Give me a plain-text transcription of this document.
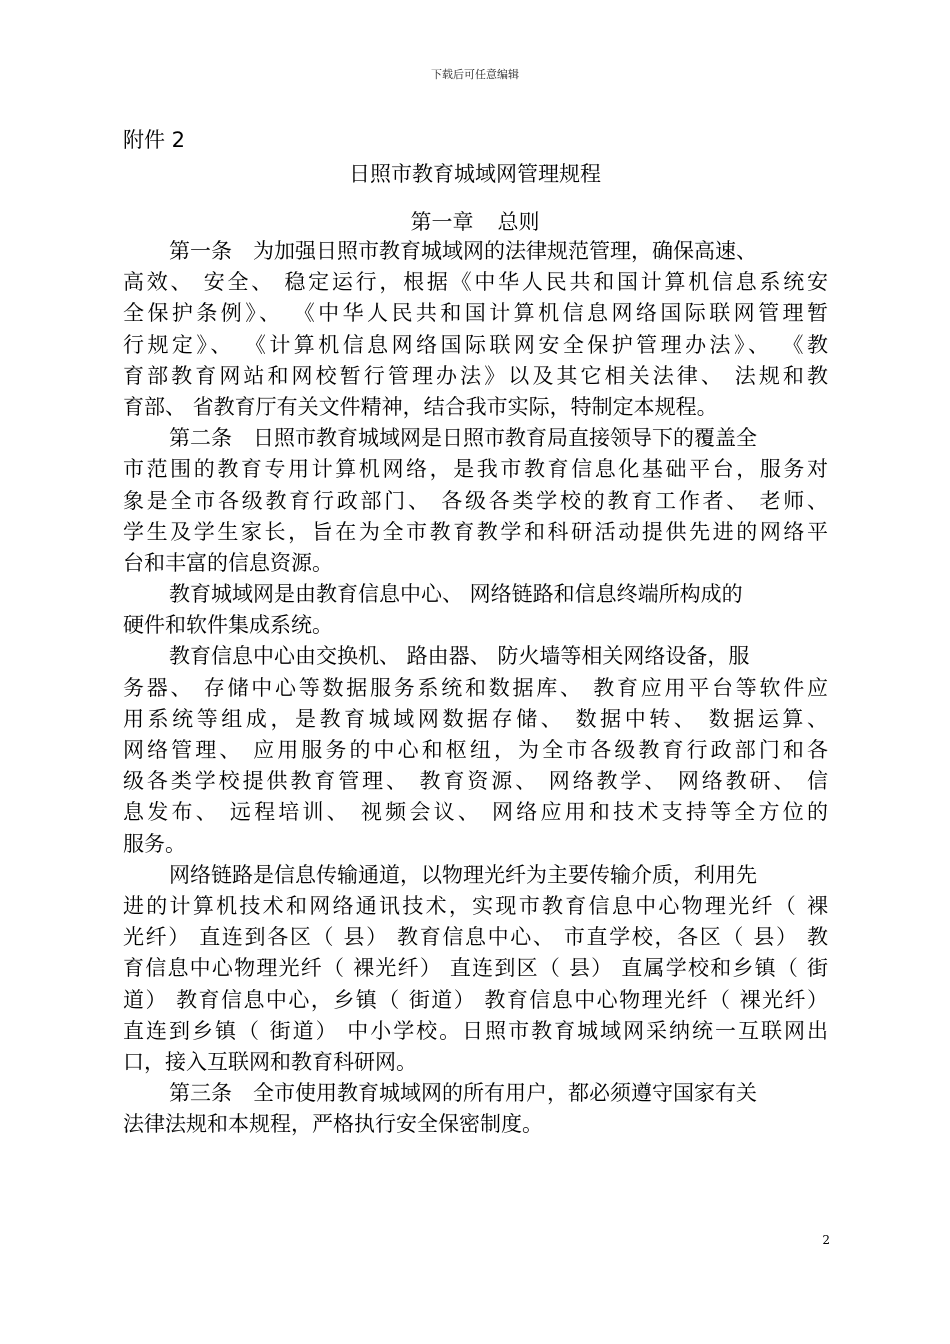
下载后可任意编辑
附件 2
日照市教育城域网管理规程
第一章 总则
第一条　为加强日照市教育城域网的法律规范管理，确保高速、
高效、 安全、 稳定运行，根据《中华人民共和国计算机信息系统安
全保护条例》、 《中华人民共和国计算机信息网络国际联网管理暂
行规定》、 《计算机信息网络国际联网安全保护管理办法》、 《教
育部教育网站和网校暂行管理办法》以及其它相关法律、 法规和教
育部、 省教育厅有关文件精神，结合我市实际，特制定本规程。
第二条　日照市教育城域网是日照市教育局直接领导下的覆盖全
市范围的教育专用计算机网络，是我市教育信息化基础平台，服务对
象是全市各级教育行政部门、 各级各类学校的教育工作者、 老师、
学生及学生家长，旨在为全市教育教学和科研活动提供先进的网络平
台和丰富的信息资源。
教育城域网是由教育信息中心、 网络链路和信息终端所构成的
硬件和软件集成系统。
教育信息中心由交换机、 路由器、 防火墙等相关网络设备，服
务器、 存储中心等数据服务系统和数据库、 教育应用平台等软件应
用系统等组成，是教育城域网数据存储、 数据中转、 数据运算、
网络管理、 应用服务的中心和枢纽，为全市各级教育行政部门和各
级各类学校提供教育管理、 教育资源、 网络教学、 网络教研、 信
息发布、 远程培训、 视频会议、 网络应用和技术支持等全方位的
服务。
网络链路是信息传输通道，以物理光纤为主要传输介质，利用先
进的计算机技术和网络通讯技术，实现市教育信息中心物理光纤（ 裸
光纤） 直连到各区（ 县） 教育信息中心、 市直学校，各区（ 县） 教
育信息中心物理光纤（ 裸光纤） 直连到区（ 县） 直属学校和乡镇（ 街
道） 教育信息中心，乡镇（ 街道） 教育信息中心物理光纤（ 裸光纤）
直连到乡镇（ 街道） 中小学校。日照市教育城域网采纳统一互联网出
口，接入互联网和教育科研网。
第三条　全市使用教育城域网的所有用户，都必须遵守国家有关
法律法规和本规程，严格执行安全保密制度。
2
